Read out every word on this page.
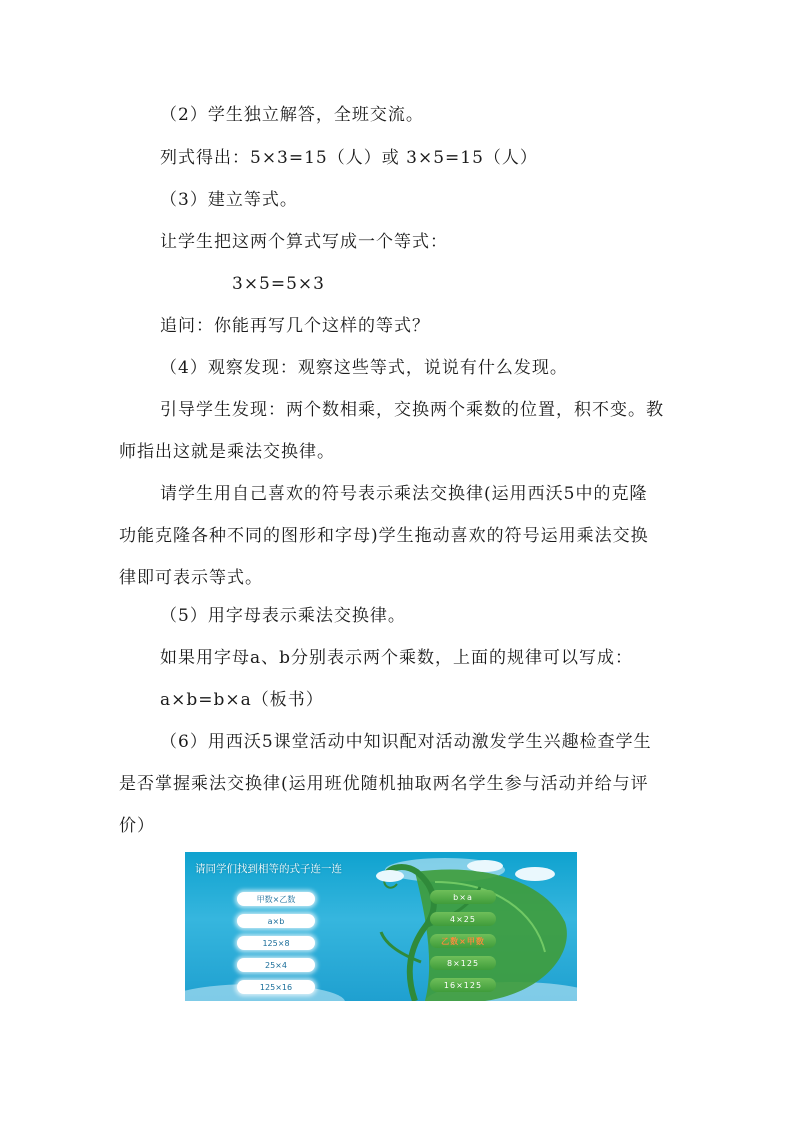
（2）学生独立解答，全班交流。
列式得出：5×3=15（人）或 3×5=15（人）
（3）建立等式。
让学生把这两个算式写成一个等式：
3×5=5×3
追问：你能再写几个这样的等式？
（4）观察发现：观察这些等式，说说有什么发现。
引导学生发现：两个数相乘，交换两个乘数的位置，积不变。教
师指出这就是乘法交换律。
请学生用自己喜欢的符号表示乘法交换律(运用西沃5中的克隆
功能克隆各种不同的图形和字母)学生拖动喜欢的符号运用乘法交换
律即可表示等式。
（5）用字母表示乘法交换律。
如果用字母a、b分别表示两个乘数，上面的规律可以写成：
a×b=b×a（板书）
（6）用西沃5课堂活动中知识配对活动激发学生兴趣检查学生
是否掌握乘法交换律(运用班优随机抽取两名学生参与活动并给与评
价）
请同学们找到相等的式子连一连
甲数×乙数
a×b
125×8
25×4
125×16
b×a
4×25
乙数×甲数
8×125
16×125
